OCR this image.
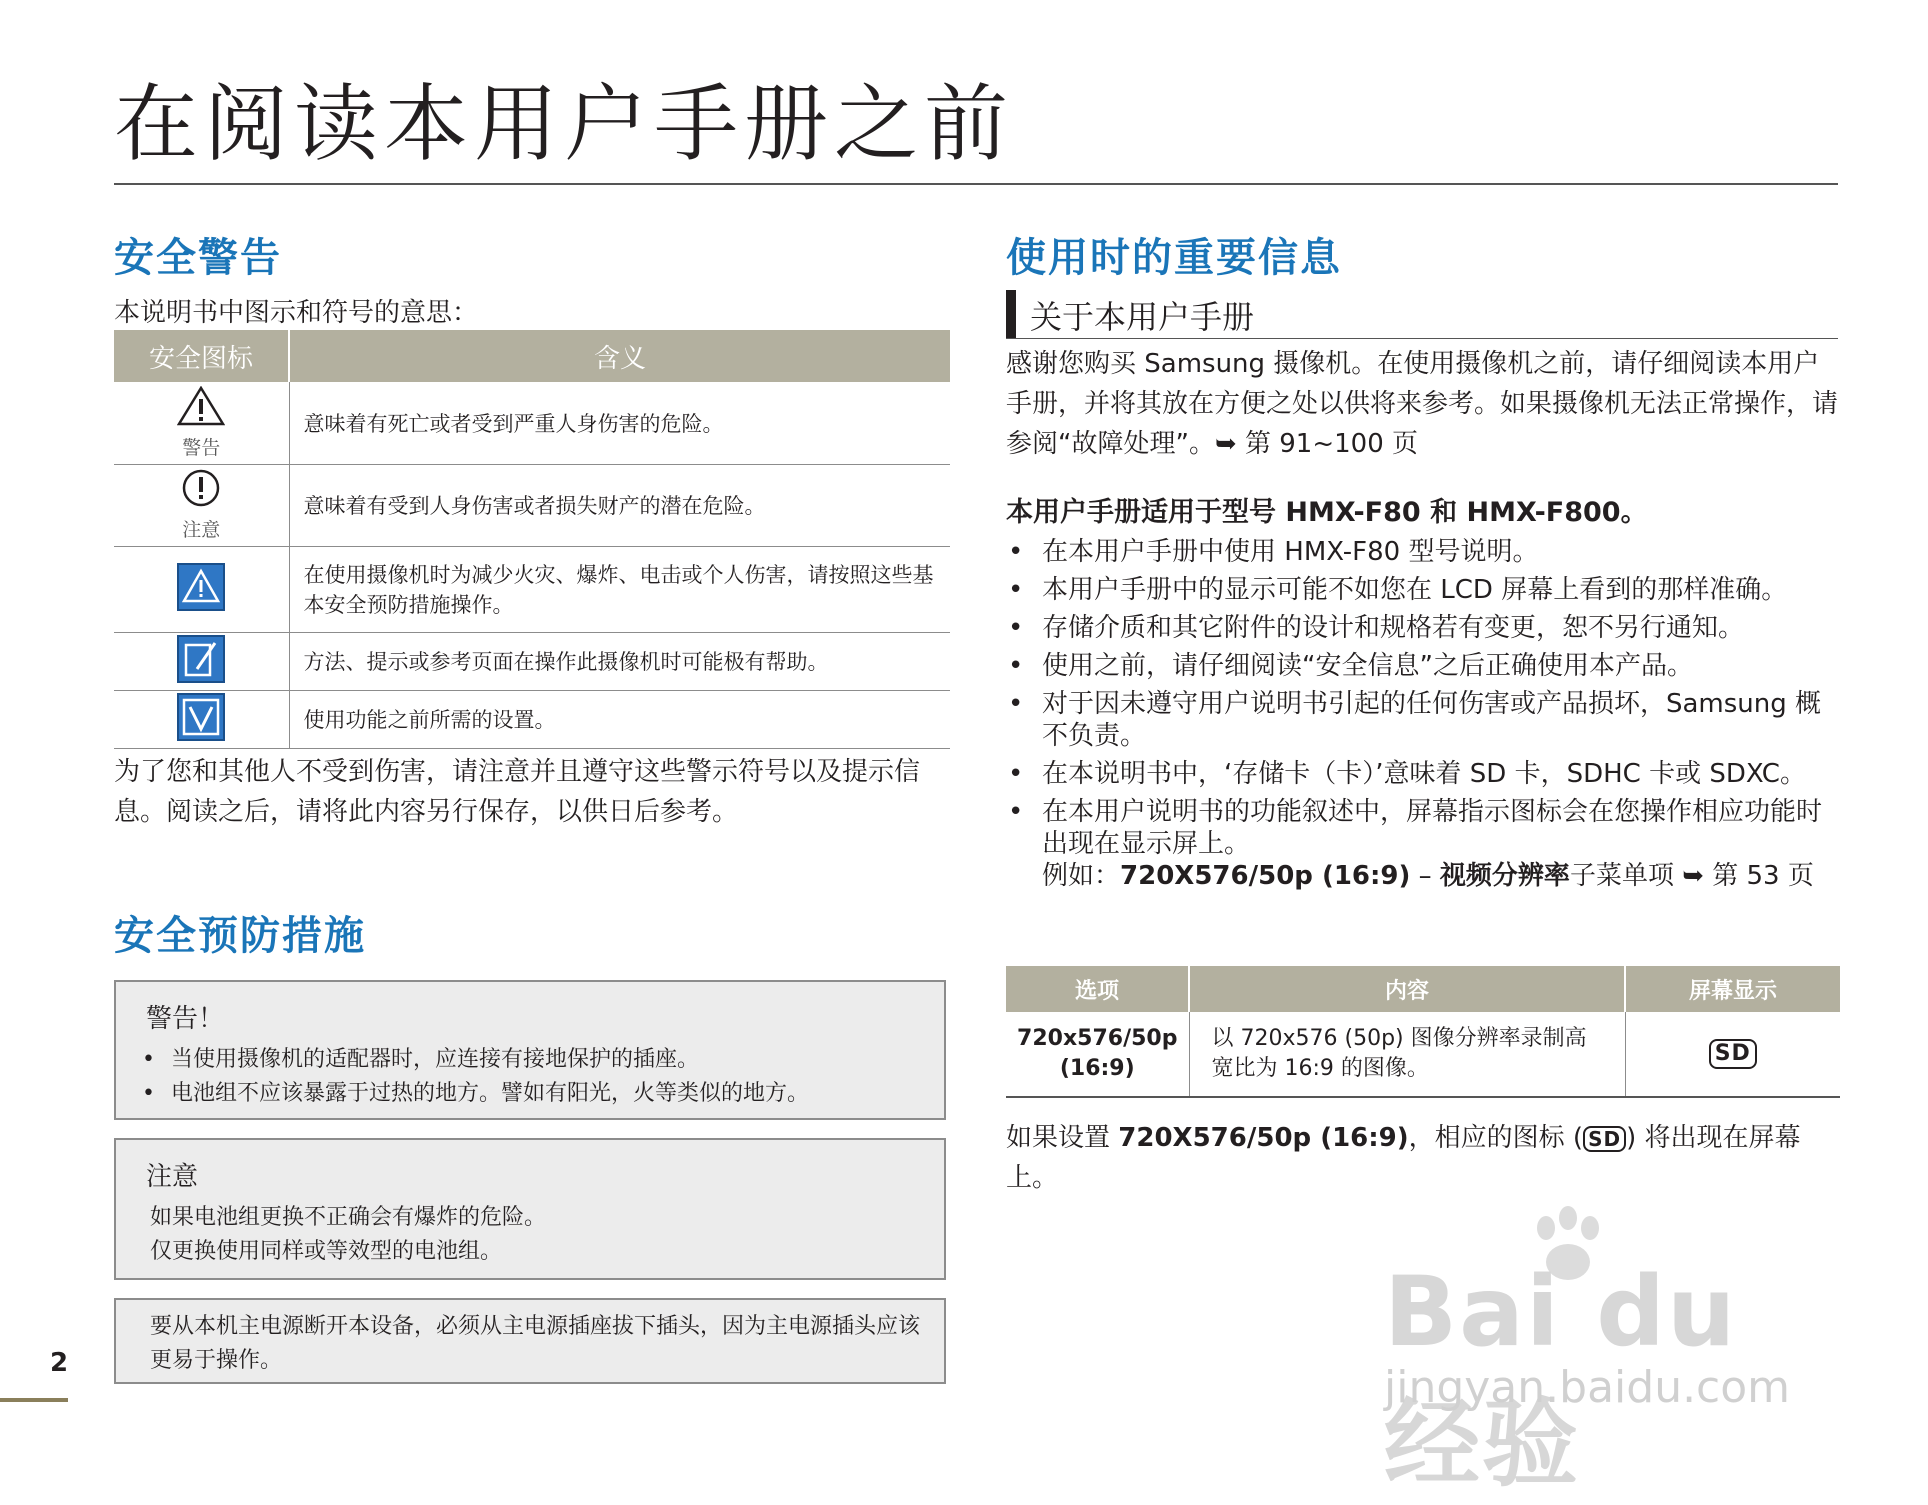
在阅读本用户手册之前
安全警告
本说明书中图示和符号的意思：
安全图标	含义

警告	意味着有死亡或者受到严重人身伤害的危险。

注意	意味着有受到人身伤害或者损失财产的潜在危险。
	在使用摄像机时为减少火灾、爆炸、电击或个人伤害，请按照这些基本安全预防措施操作。
	方法、提示或参考页面在操作此摄像机时可能极有帮助。
	使用功能之前所需的设置。
为了您和其他人不受到伤害，请注意并且遵守这些警示符号以及提示信息。阅读之后，请将此内容另行保存，以供日后参考。
安全预防措施
警告！
• 当使用摄像机的适配器时，应连接有接地保护的插座。
• 电池组不应该暴露于过热的地方。譬如有阳光，火等类似的地方。
注意
如果电池组更换不正确会有爆炸的危险。
仅更换使用同样或等效型的电池组。
要从本机主电源断开本设备，必须从主电源插座拔下插头，因为主电源插头应该更易于操作。
使用时的重要信息
关于本用户手册
感谢您购买 Samsung 摄像机。在使用摄像机之前，请仔细阅读本用户手册，并将其放在方便之处以供将来参考。如果摄像机无法正常操作，请参阅“故障处理”。➥ 第 91~100 页
本用户手册适用于型号 HMX-F80 和 HMX-F800。
• 在本用户手册中使用 HMX-F80 型号说明。
• 本用户手册中的显示可能不如您在 LCD 屏幕上看到的那样准确。
• 存储介质和其它附件的设计和规格若有变更，恕不另行通知。
• 使用之前，请仔细阅读“安全信息”之后正确使用本产品。
• 对于因未遵守用户说明书引起的任何伤害或产品损坏，Samsung 概不负责。
• 在本说明书中，‘存储卡（卡）’意味着 SD 卡，SDHC 卡或 SDXC。
• 在本用户说明书的功能叙述中，屏幕指示图标会在您操作相应功能时出现在显示屏上。
例如：720X576/50p (16:9) – 视频分辨率子菜单项 ➥ 第 53 页
选项	内容	屏幕显示

720x576/50p
(16:9)	以 720x576 (50p) 图像分辨率录制高宽比为 16:9 的图像。	SD
如果设置 720X576/50p (16:9)，相应的图标 ( SD ) 将出现在屏幕上。
2	Bai du 经验
jingyan.baidu.com
